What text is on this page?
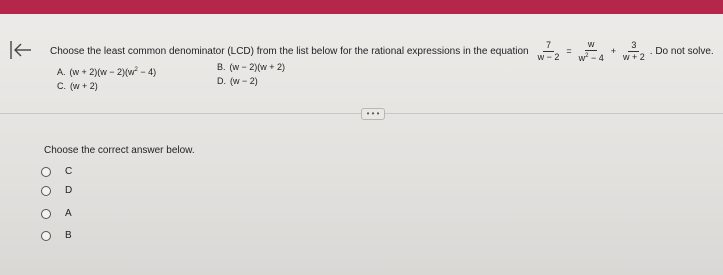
Choose the least common denominator (LCD) from the list below for the rational expressions in the equation $\frac{7}{w - 2} = \frac{w}{w^2 - 4} + \frac{3}{w + 2}$ . Do not solve.
A. $(w + 2)(w - 2)(w^2 - 4)$	B. (w − 2)(w + 2)
C. (w + 2)	D. (w − 2)
• • •
Choose the correct answer below.
C
D
A
B
